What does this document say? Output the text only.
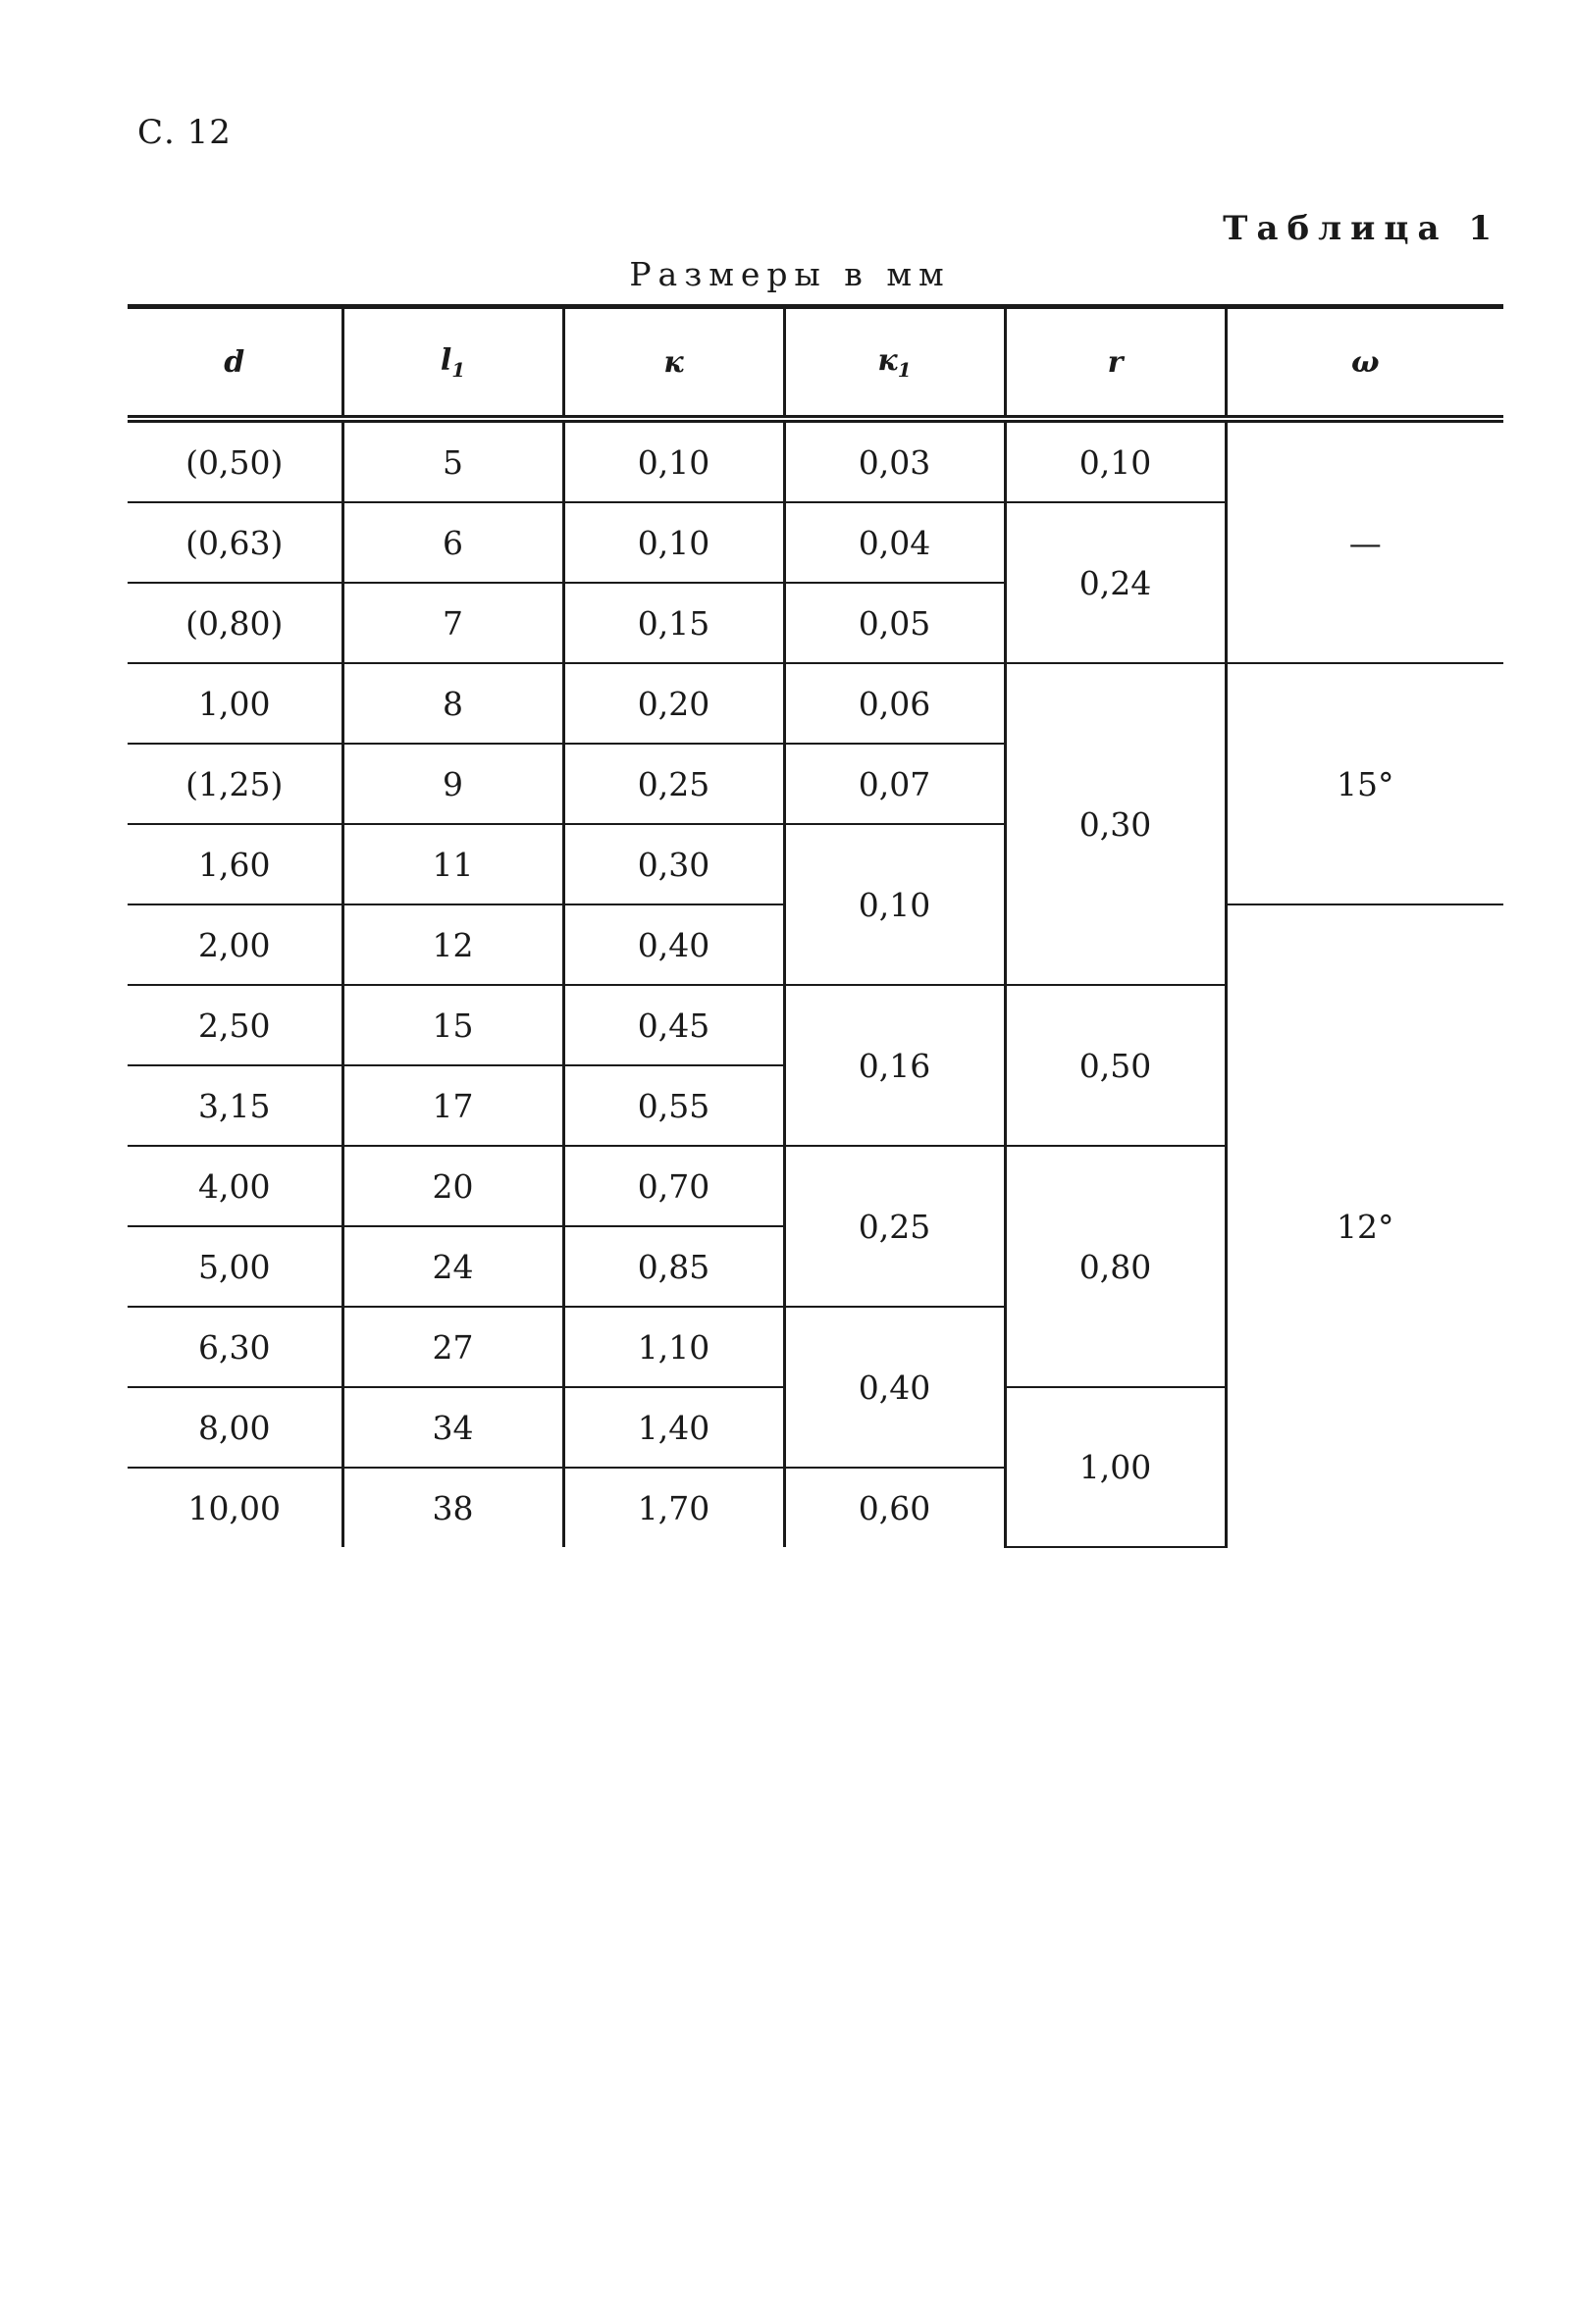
С. 12
Таблица 1
Размеры в мм
d	$l_1$	к	$к_1$	r	ω
(0,50)	5	0,10	0,03	0,10	—
(0,63)	6	0,10	0,04	0,24	
(0,80)	7	0,15	0,05		
1,00	8	0,20	0,06	0,30	15°
(1,25)	9	0,25	0,07		
1,60	11	0,30	0,10		
2,00	12	0,40			12°
2,50	15	0,45	0,16	0,50	
3,15	17	0,55			
4,00	20	0,70	0,25	0,80	
5,00	24	0,85			
6,30	27	1,10	0,40		
8,00	34	1,40		1,00	
10,00	38	1,70	0,60		
